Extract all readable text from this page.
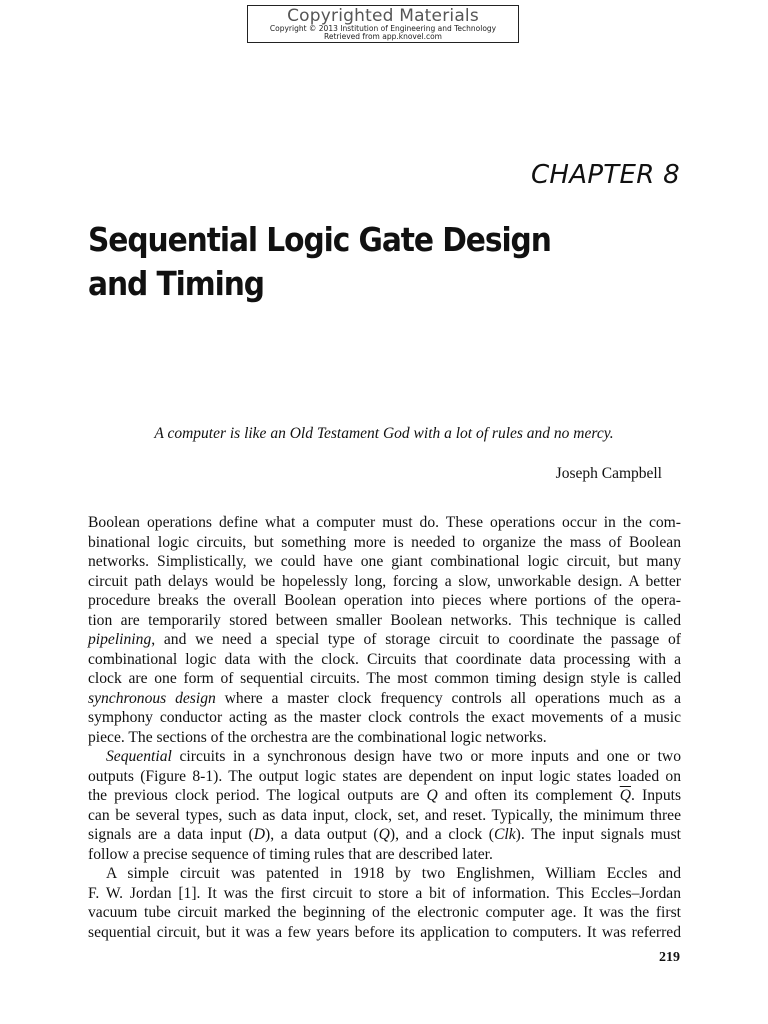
Copyrighted Materials
Copyright © 2013 Institution of Engineering and Technology
Retrieved from app.knovel.com
CHAPTER 8
Sequential Logic Gate Design
and Timing
A computer is like an Old Testament God with a lot of rules and no mercy.
Joseph Campbell

Boolean operations define what a computer must do. These operations occur in the com-

binational logic circuits, but something more is needed to organize the mass of Boolean

networks. Simplistically, we could have one giant combinational logic circuit, but many

circuit path delays would be hopelessly long, forcing a slow, unworkable design. A better

procedure breaks the overall Boolean operation into pieces where portions of the opera-

tion are temporarily stored between smaller Boolean networks. This technique is called

pipelining, and we need a special type of storage circuit to coordinate the passage of

combinational logic data with the clock. Circuits that coordinate data processing with a

clock are one form of sequential circuits. The most common timing design style is called

synchronous design where a master clock frequency controls all operations much as a

symphony conductor acting as the master clock controls the exact movements of a music

piece. The sections of the orchestra are the combinational logic networks.

Sequential circuits in a synchronous design have two or more inputs and one or two

outputs (Figure 8-1). The output logic states are dependent on input logic states loaded on

the previous clock period. The logical outputs are Q and often its complement $\overline{Q}$. Inputs

can be several types, such as data input, clock, set, and reset. Typically, the minimum three

signals are a data input (D), a data output (Q), and a clock (Clk). The input signals must

follow a precise sequence of timing rules that are described later.

A simple circuit was patented in 1918 by two Englishmen, William Eccles and

F. W. Jordan [1]. It was the first circuit to store a bit of information. This Eccles–Jordan

vacuum tube circuit marked the beginning of the electronic computer age. It was the first

sequential circuit, but it was a few years before its application to computers. It was referred

219
